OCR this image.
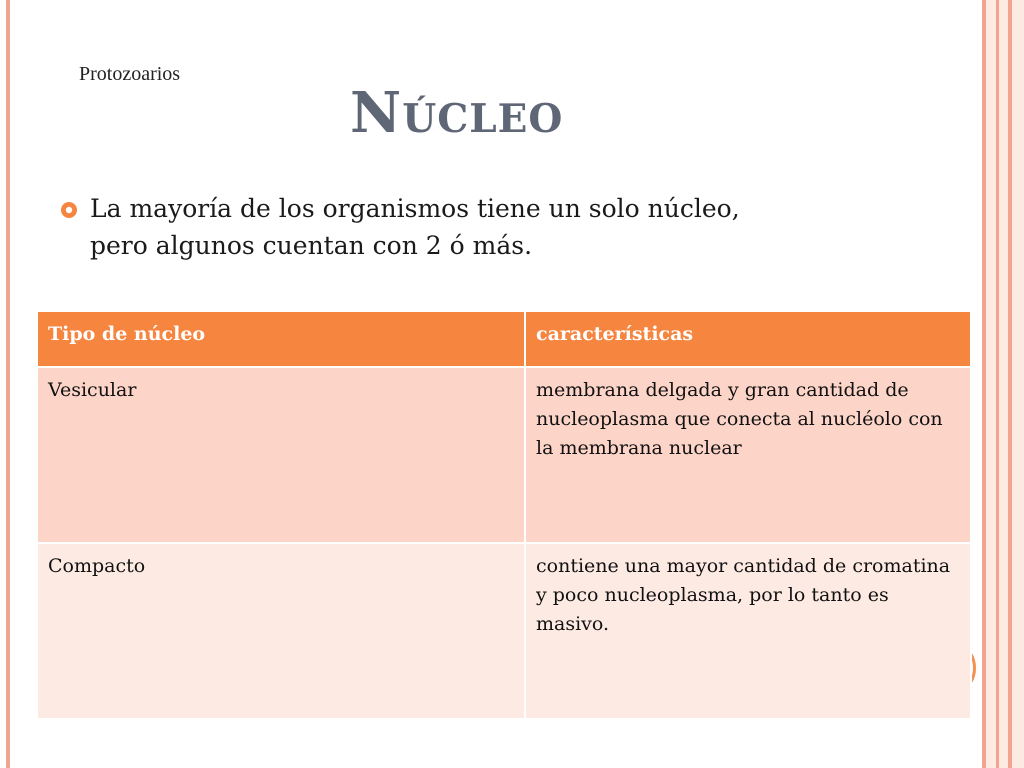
Protozoarios
Núcleo
La mayoría de los organismos tiene un solo núcleo, pero algunos cuentan con 2 ó más.
Tipo de núcleo	características
Vesicular	membrana delgada y gran cantidad de nucleoplasma que conecta al nucléolo con la membrana nuclear
Compacto	contiene una mayor cantidad de cromatina y poco nucleoplasma, por lo tanto es masivo.
